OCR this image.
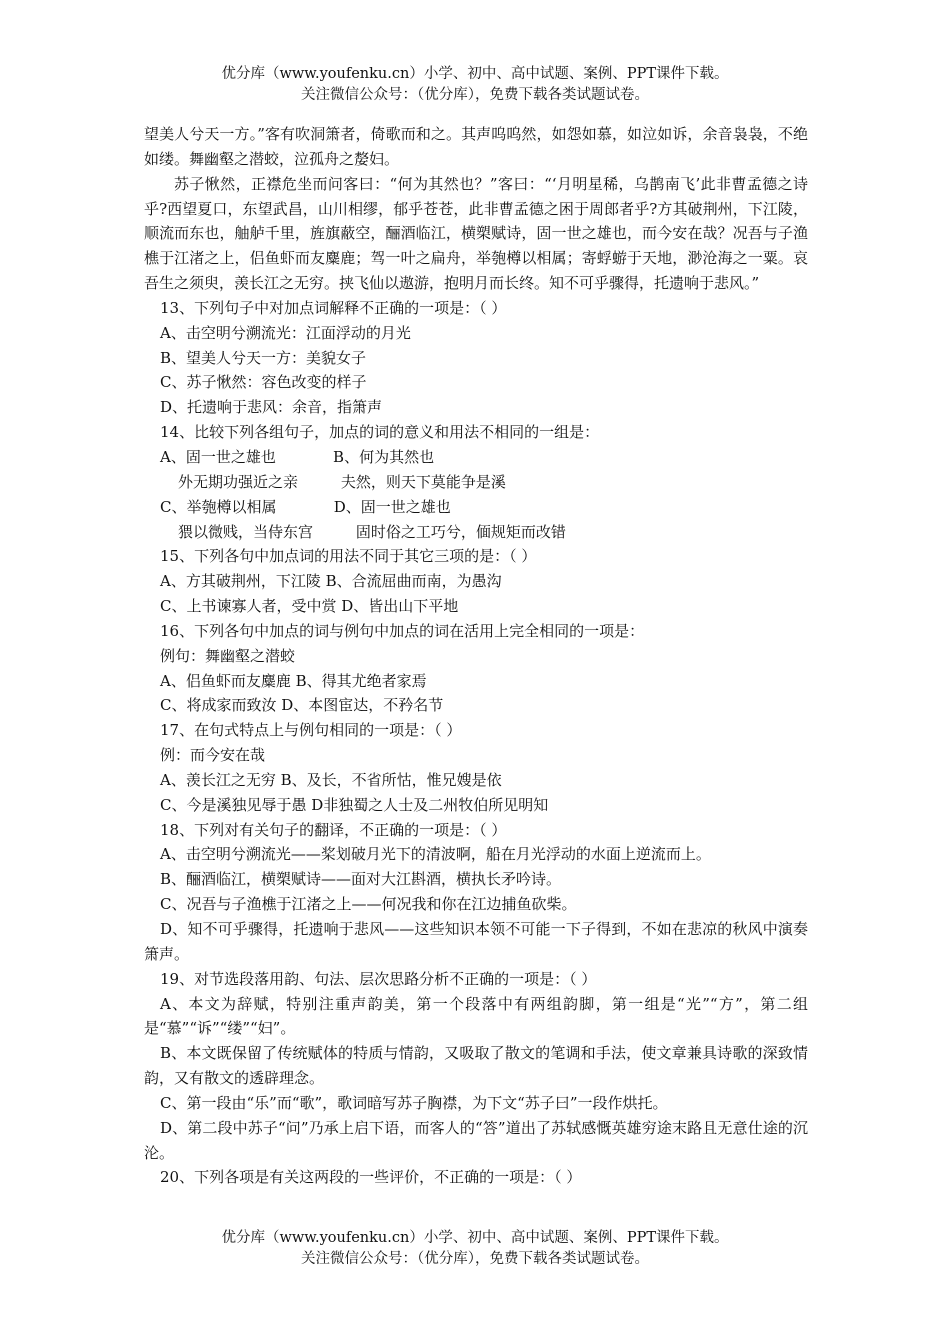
优分库（www.youfenku.cn）小学、初中、高中试题、案例、PPT课件下载。
关注微信公众号：（优分库），免费下载各类试题试卷。

望美人兮天一方。”客有吹洞箫者，倚歌而和之。其声呜呜然，如怨如慕，如泣如诉，余音袅袅，不绝如缕。舞幽壑之潜蛟，泣孤舟之嫠妇。

苏子愀然，正襟危坐而问客曰：“何为其然也？”客曰：“‘月明星稀，乌鹊南飞’此非曹孟德之诗乎?西望夏口，东望武昌，山川相缪，郁乎苍苍，此非曹孟德之困于周郎者乎?方其破荆州，下江陵，顺流而东也，舳舻千里，旌旗蔽空，酾酒临江，横槊赋诗，固一世之雄也，而今安在哉？况吾与子渔樵于江渚之上，侣鱼虾而友麋鹿；驾一叶之扁舟，举匏樽以相属；寄蜉蝣于天地，渺沧海之一粟。哀吾生之须臾，羡长江之无穷。挟飞仙以遨游，抱明月而长终。知不可乎骤得，托遗响于悲风。”

13、下列句子中对加点词解释不正确的一项是：（ ）

A、击空明兮溯流光：江面浮动的月光

B、望美人兮天一方：美貌女子

C、苏子愀然：容色改变的样子

D、托遗响于悲风：余音，指箫声

14、比较下列各组句子，加点的词的意义和用法不相同的一组是：

A、固一世之雄也            B、何为其然也

外无期功强近之亲         夫然，则天下莫能争是溪

C、举匏樽以相属            D、固一世之雄也

猥以微贱，当侍东宫         固时俗之工巧兮，偭规矩而改错

15、下列各句中加点词的用法不同于其它三项的是：（ ）

A、方其破荆州，下江陵 B、合流屈曲而南，为愚沟

C、上书谏寡人者，受中赏 D、皆出山下平地

16、下列各句中加点的词与例句中加点的词在活用上完全相同的一项是：

例句：舞幽壑之潜蛟

A、侣鱼虾而友麋鹿 B、得其尤绝者家焉

C、将成家而致汝 D、本图宦达，不矜名节

17、在句式特点上与例句相同的一项是：（ ）

例：而今安在哉

A、羡长江之无穷 B、及长，不省所怙，惟兄嫂是依

C、今是溪独见辱于愚 D非独蜀之人士及二州牧伯所见明知

18、下列对有关句子的翻译，不正确的一项是：（ ）

A、击空明兮溯流光——桨划破月光下的清波啊，船在月光浮动的水面上逆流而上。

B、酾酒临江，横槊赋诗——面对大江斟酒，横执长矛吟诗。

C、况吾与子渔樵于江渚之上——何况我和你在江边捕鱼砍柴。

D、知不可乎骤得，托遗响于悲风——这些知识本领不可能一下子得到，不如在悲凉的秋风中演奏箫声。

19、对节选段落用韵、句法、层次思路分析不正确的一项是：（ ）

A、本文为辞赋，特别注重声韵美，第一个段落中有两组韵脚，第一组是“光”“方”，第二组是“慕”“诉”“缕”“妇”。

B、本文既保留了传统赋体的特质与情韵，又吸取了散文的笔调和手法，使文章兼具诗歌的深致情韵，又有散文的透辟理念。

C、第一段由“乐”而“歌”，歌词暗写苏子胸襟，为下文“苏子曰”一段作烘托。

D、第二段中苏子“问”乃承上启下语，而客人的“答”道出了苏轼感慨英雄穷途末路且无意仕途的沉沦。

20、下列各项是有关这两段的一些评价，不正确的一项是：（ ）

优分库（www.youfenku.cn）小学、初中、高中试题、案例、PPT课件下载。
关注微信公众号：（优分库），免费下载各类试题试卷。
